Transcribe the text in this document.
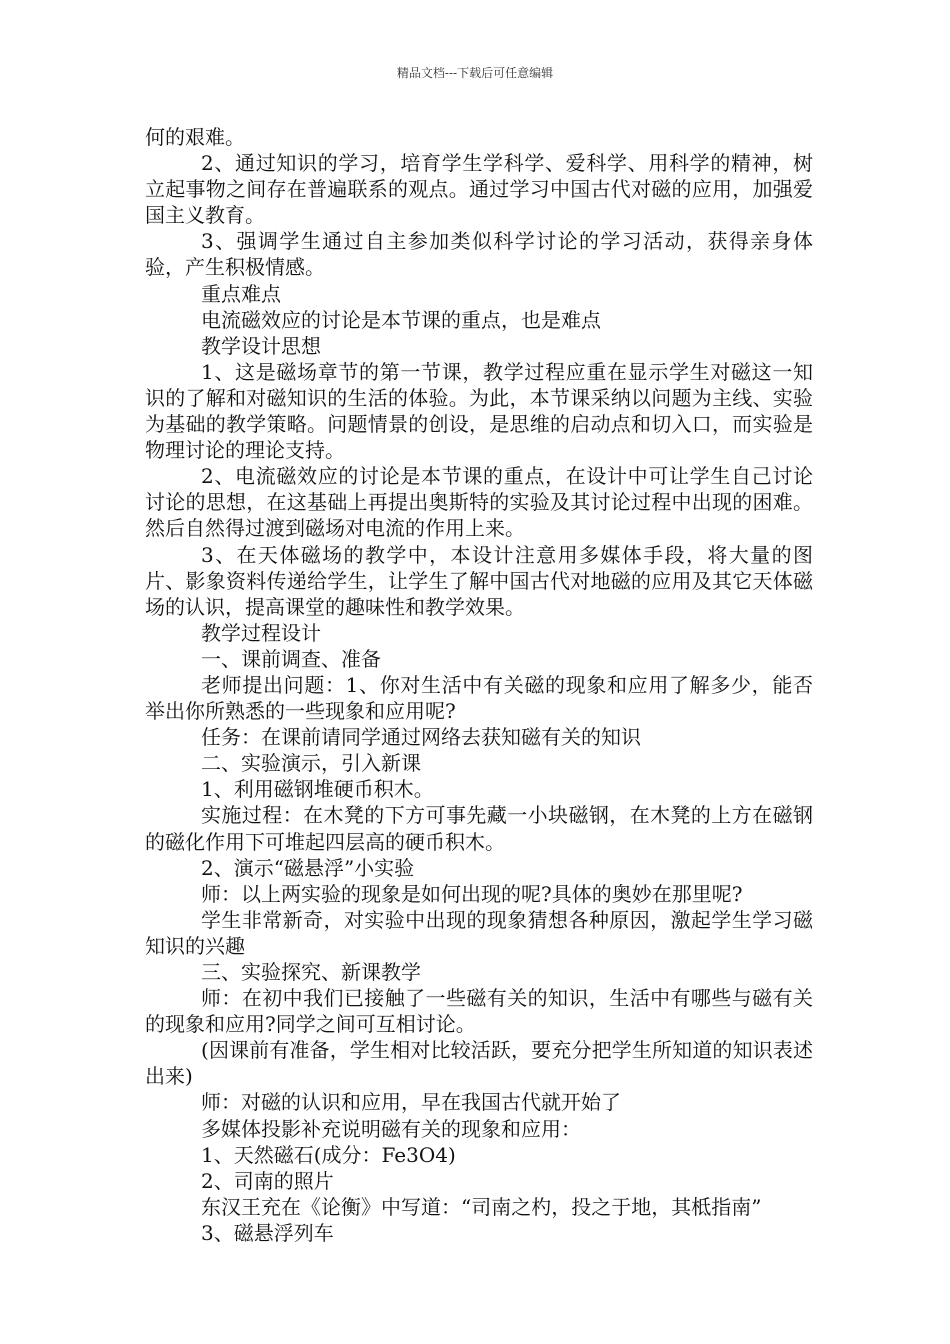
精品文档---下载后可任意编辑

何的艰难。

2、通过知识的学习，培育学生学科学、爱科学、用科学的精神，树立起事物之间存在普遍联系的观点。通过学习中国古代对磁的应用，加强爱国主义教育。

3、强调学生通过自主参加类似科学讨论的学习活动，获得亲身体验，产生积极情感。

重点难点

电流磁效应的讨论是本节课的重点，也是难点

教学设计思想

1、这是磁场章节的第一节课，教学过程应重在显示学生对磁这一知识的了解和对磁知识的生活的体验。为此，本节课采纳以问题为主线、实验为基础的教学策略。问题情景的创设，是思维的启动点和切入口，而实验是物理讨论的理论支持。

2、电流磁效应的讨论是本节课的重点，在设计中可让学生自己讨论讨论的思想，在这基础上再提出奥斯特的实验及其讨论过程中出现的困难。然后自然得过渡到磁场对电流的作用上来。

3、在天体磁场的教学中，本设计注意用多媒体手段，将大量的图片、影象资料传递给学生，让学生了解中国古代对地磁的应用及其它天体磁场的认识，提高课堂的趣味性和教学效果。

教学过程设计

一、课前调查、准备

老师提出问题：1、你对生活中有关磁的现象和应用了解多少，能否举出你所熟悉的一些现象和应用呢?

任务：在课前请同学通过网络去获知磁有关的知识

二、实验演示，引入新课

1、利用磁钢堆硬币积木。

实施过程：在木凳的下方可事先藏一小块磁钢，在木凳的上方在磁钢的磁化作用下可堆起四层高的硬币积木。

2、演示“磁悬浮”小实验

师：以上两实验的现象是如何出现的呢?具体的奥妙在那里呢?

学生非常新奇，对实验中出现的现象猜想各种原因，激起学生学习磁知识的兴趣

三、实验探究、新课教学

师：在初中我们已接触了一些磁有关的知识，生活中有哪些与磁有关的现象和应用?同学之间可互相讨论。

(因课前有准备，学生相对比较活跃，要充分把学生所知道的知识表述出来)

师：对磁的认识和应用，早在我国古代就开始了

多媒体投影补充说明磁有关的现象和应用：

1、天然磁石(成分：Fe3O4)

2、司南的照片

东汉王充在《论衡》中写道：“司南之杓，投之于地，其柢指南”

3、磁悬浮列车
